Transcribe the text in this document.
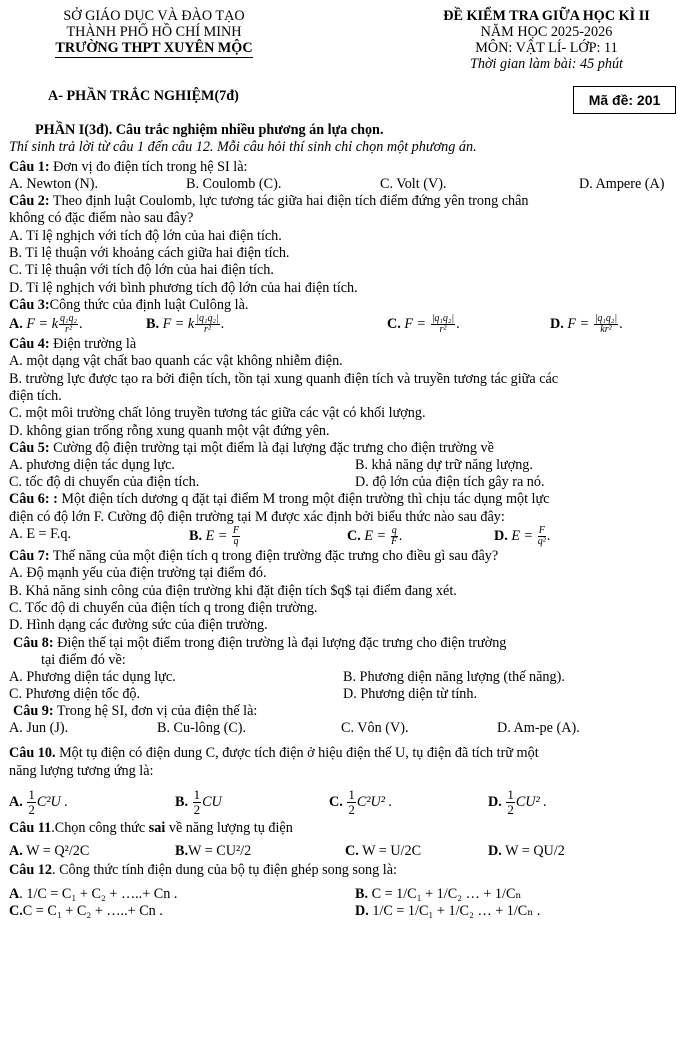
SỞ GIÁO DỤC VÀ ĐÀO TẠO
THÀNH PHỐ HỒ CHÍ MINH
TRƯỜNG THPT XUYÊN MỘC
ĐỀ KIỂM TRA GIỮA HỌC KÌ II
NĂM HỌC 2025-2026
MÔN: VẬT LÍ- LỚP: 11
Thời gian làm bài: 45 phút
Mã đề: 201
A- PHẦN TRẮC NGHIỆM(7đ)
PHẦN I(3đ). Câu trắc nghiệm nhiều phương án lựa chọn.
Thí sinh trả lời từ câu 1 đến câu 12. Mỗi câu hỏi thí sinh chỉ chọn một phương án.
Câu 1: Đơn vị đo điện tích trong hệ SI là:
A. Newton (N).	B. Coulomb (C).	C. Volt (V).	D. Ampere (A)
Câu 2: Theo định luật Coulomb, lực tương tác giữa hai điện tích điểm đứng yên trong chân
không có đặc điểm nào sau đây?
A. Tỉ lệ nghịch với tích độ lớn của hai điện tích.
B. Tỉ lệ thuận với khoảng cách giữa hai điện tích.
C. Tỉ lệ thuận với tích độ lớn của hai điện tích.
D. Tỉ lệ nghịch với bình phương tích độ lớn của hai điện tích.
Câu 3:Công thức của định luật Culông là.
A. F = k $\frac{\text{q₁q₂}}{\text{r²}}$ .	B. F = k $\frac{\text{|q₁q₂|}}{\text{r²}}$ .	C. $F = \frac{\text{|q₁q₂|}}{\text{r²}}$ .	D. $F = \frac{\text{|q₁q₂|}}{\text{kr²}}$ .
Câu 4: Điện trường là
A. một dạng vật chất bao quanh các vật không nhiễm điện.
B. trường lực được tạo ra bởi điện tích, tồn tại xung quanh điện tích và truyền tương tác giữa các
điện tích.
C. một môi trường chất lỏng truyền tương tác giữa các vật có khối lượng.
D. không gian trống rỗng xung quanh một vật đứng yên.
Câu 5: Cường độ điện trường tại một điểm là đại lượng đặc trưng cho điện trường về
A. phương diện tác dụng lực.	B. khả năng dự trữ năng lượng.
C. tốc độ di chuyển của điện tích.	D. độ lớn của điện tích gây ra nó.
Câu 6: : Một điện tích dương q đặt tại điểm M trong một điện trường thì chịu tác dụng một lực
điện có độ lớn F. Cường độ điện trường tại M được xác định bởi biểu thức nào sau đây:
A. E = F.q.	B. $E = \frac{F}{q}$	C. $E = \frac{q}{F}$ .	D. $E = \frac{F}{\text{q²}}$ .
Câu 7: Thế năng của một điện tích q trong điện trường đặc trưng cho điều gì sau đây?
A. Độ mạnh yếu của điện trường tại điểm đó.
B. Khả năng sinh công của điện trường khi đặt điện tích $q$ tại điểm đang xét.
C. Tốc độ di chuyển của điện tích q trong điện trường.
D. Hình dạng các đường sức của điện trường.
Câu 8: Điện thế tại một điểm trong điện trường là đại lượng đặc trưng cho điện trường
tại điểm đó về:
A. Phương diện tác dụng lực.	B. Phương diện năng lượng (thế năng).
C. Phương diện tốc độ.	D. Phương diện từ tính.
Câu 9: Trong hệ SI, đơn vị của điện thế là:
A. Jun (J).	B. Cu-lông (C).	C. Vôn (V).	D. Am-pe (A).
Câu 10. Một tụ điện có điện dung C, được tích điện ở hiệu điện thế U, tụ điện đã tích trữ một
năng lượng tương ứng là:
A. $\frac{1}{2} C^2U$ .	B. $\frac{1}{2}$ CU	C. $\frac{1}{2} C^2U^2$ .	D. $\frac{1}{2} CU^2$ .
Câu 11.Chọn công thức sai về năng lượng tụ điện
A. W = Q²/2C	B.W = CU²/2	C. W = U/2C	D. W = QU/2
Câu 12. Công thức tính điện dung của bộ tụ điện ghép song song là:
A. 1/C = C₁ + C₂ + …..+ Cn .	B. C = 1/C₁ + 1/C₂ … + 1/Cₙ
C.C = C₁ + C₂ + …..+ Cn .	D. 1/C = 1/C₁ + 1/C₂ … + 1/Cₙ .
